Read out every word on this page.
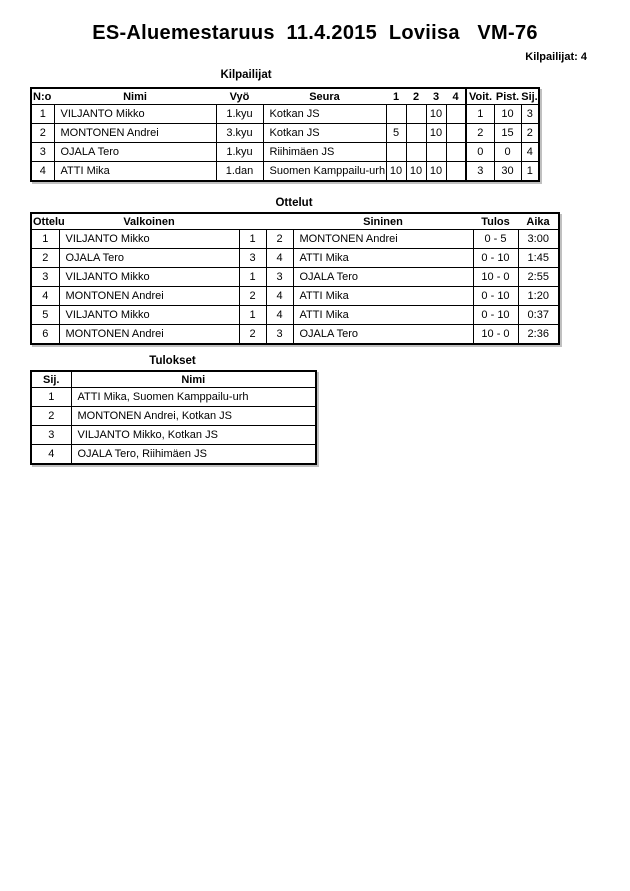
ES-Aluemestaruus  11.4.2015  Loviisa   VM-76
Kilpailijat: 4
Kilpailijat
N:o	Nimi	Vyö	Seura	1	2	3	4	Voit.	Pist.	Sij.
1	VILJANTO Mikko	1.kyu	Kotkan JS			10		1	10	3
2	MONTONEN Andrei	3.kyu	Kotkan JS	5		10		2	15	2
3	OJALA Tero	1.kyu	Riihimäen JS					0	0	4
4	ATTI Mika	1.dan	Suomen Kamppailu-urh	10	10	10		3	30	1
Ottelut
Ottelu	Valkoinen			Sininen	Tulos	Aika
1	VILJANTO Mikko	1	2	MONTONEN Andrei	0 - 5	3:00
2	OJALA Tero	3	4	ATTI Mika	0 - 10	1:45
3	VILJANTO Mikko	1	3	OJALA Tero	10 - 0	2:55
4	MONTONEN Andrei	2	4	ATTI Mika	0 - 10	1:20
5	VILJANTO Mikko	1	4	ATTI Mika	0 - 10	0:37
6	MONTONEN Andrei	2	3	OJALA Tero	10 - 0	2:36
Tulokset
Sij.	Nimi
1	ATTI Mika, Suomen Kamppailu-urh
2	MONTONEN Andrei, Kotkan JS
3	VILJANTO Mikko, Kotkan JS
4	OJALA Tero, Riihimäen JS
